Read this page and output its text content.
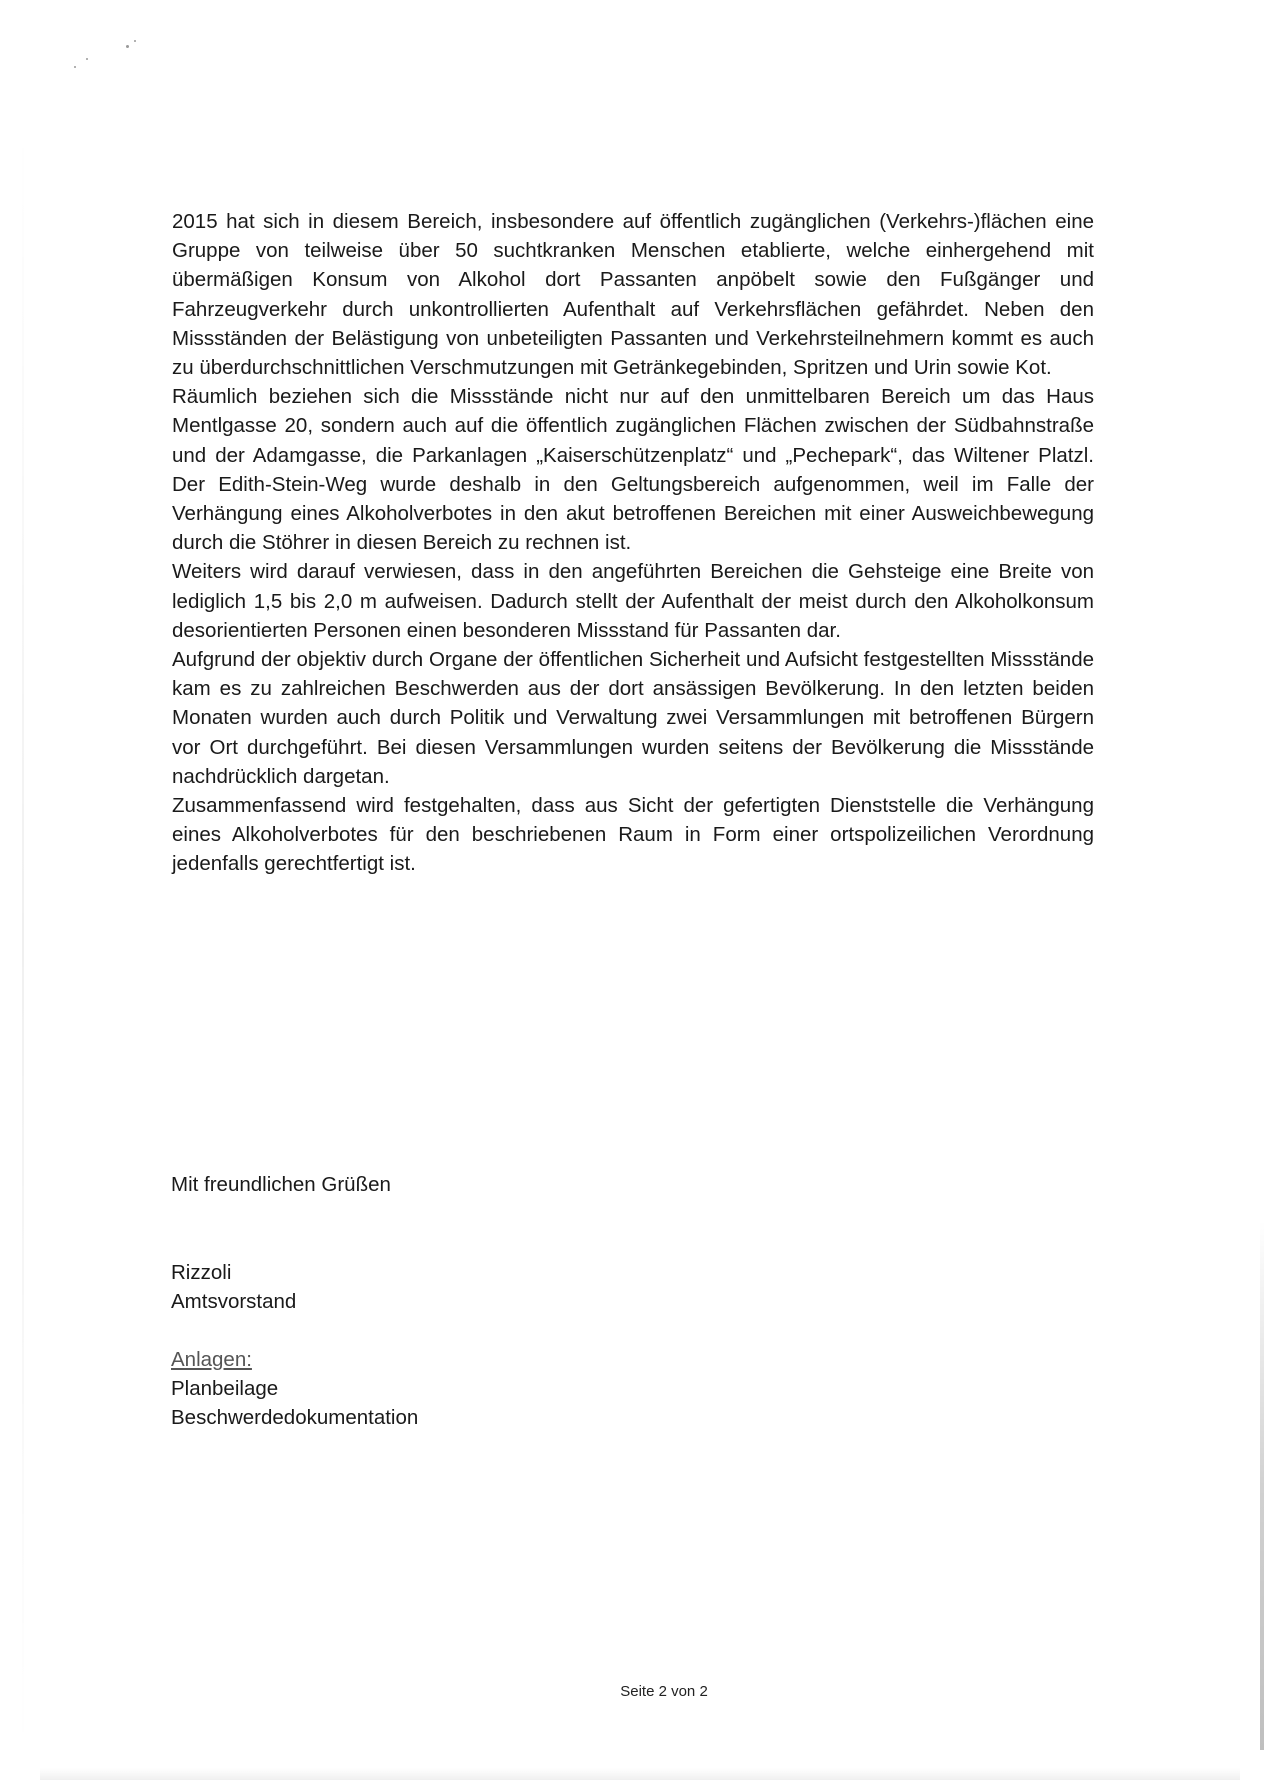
2015 hat sich in diesem Bereich, insbesondere auf öffentlich zugänglichen (Verkehrs-)flächen eine Gruppe von teilweise über 50 suchtkranken Menschen etablierte, welche einhergehend mit übermäßigen Konsum von Alkohol dort Passanten anpöbelt sowie den Fußgänger und Fahrzeugverkehr durch unkontrollierten Aufenthalt auf Verkehrsflächen gefährdet. Neben den Missständen der Belästigung von unbeteiligten Passanten und Verkehrsteilnehmern kommt es auch zu überdurchschnittlichen Verschmutzungen mit Getränkegebinden, Spritzen und Urin sowie Kot.

Räumlich beziehen sich die Missstände nicht nur auf den unmittelbaren Bereich um das Haus Mentlgasse 20, sondern auch auf die öffentlich zugänglichen Flächen zwischen der Südbahnstraße und der Adamgasse, die Parkanlagen „Kaiserschützenplatz“ und „Pechepark“, das Wiltener Platzl. Der Edith-Stein-Weg wurde deshalb in den Geltungsbereich aufgenommen, weil im Falle der Verhängung eines Alkoholverbotes in den akut betroffenen Bereichen mit einer Ausweichbewegung durch die Stöhrer in diesen Bereich zu rechnen ist.

Weiters wird darauf verwiesen, dass in den angeführten Bereichen die Gehsteige eine Breite von lediglich 1,5 bis 2,0 m aufweisen. Dadurch stellt der Aufenthalt der meist durch den Alkoholkonsum desorientierten Personen einen besonderen Missstand für Passanten dar.

Aufgrund der objektiv durch Organe der öffentlichen Sicherheit und Aufsicht festgestellten Missstände kam es zu zahlreichen Beschwerden aus der dort ansässigen Bevölkerung. In den letzten beiden Monaten wurden auch durch Politik und Verwaltung zwei Versammlungen mit betroffenen Bürgern vor Ort durchgeführt. Bei diesen Versammlungen wurden seitens der Bevölkerung die Missstände nachdrücklich dargetan.

Zusammenfassend wird festgehalten, dass aus Sicht der gefertigten Dienststelle die Verhängung eines Alkoholverbotes für den beschriebenen Raum in Form einer ortspolizeilichen Verordnung jedenfalls gerechtfertigt ist.

Mit freundlichen Grüßen
Rizzoli
Amtsvorstand
Anlagen:
Planbeilage
Beschwerdedokumentation
Seite 2 von 2
